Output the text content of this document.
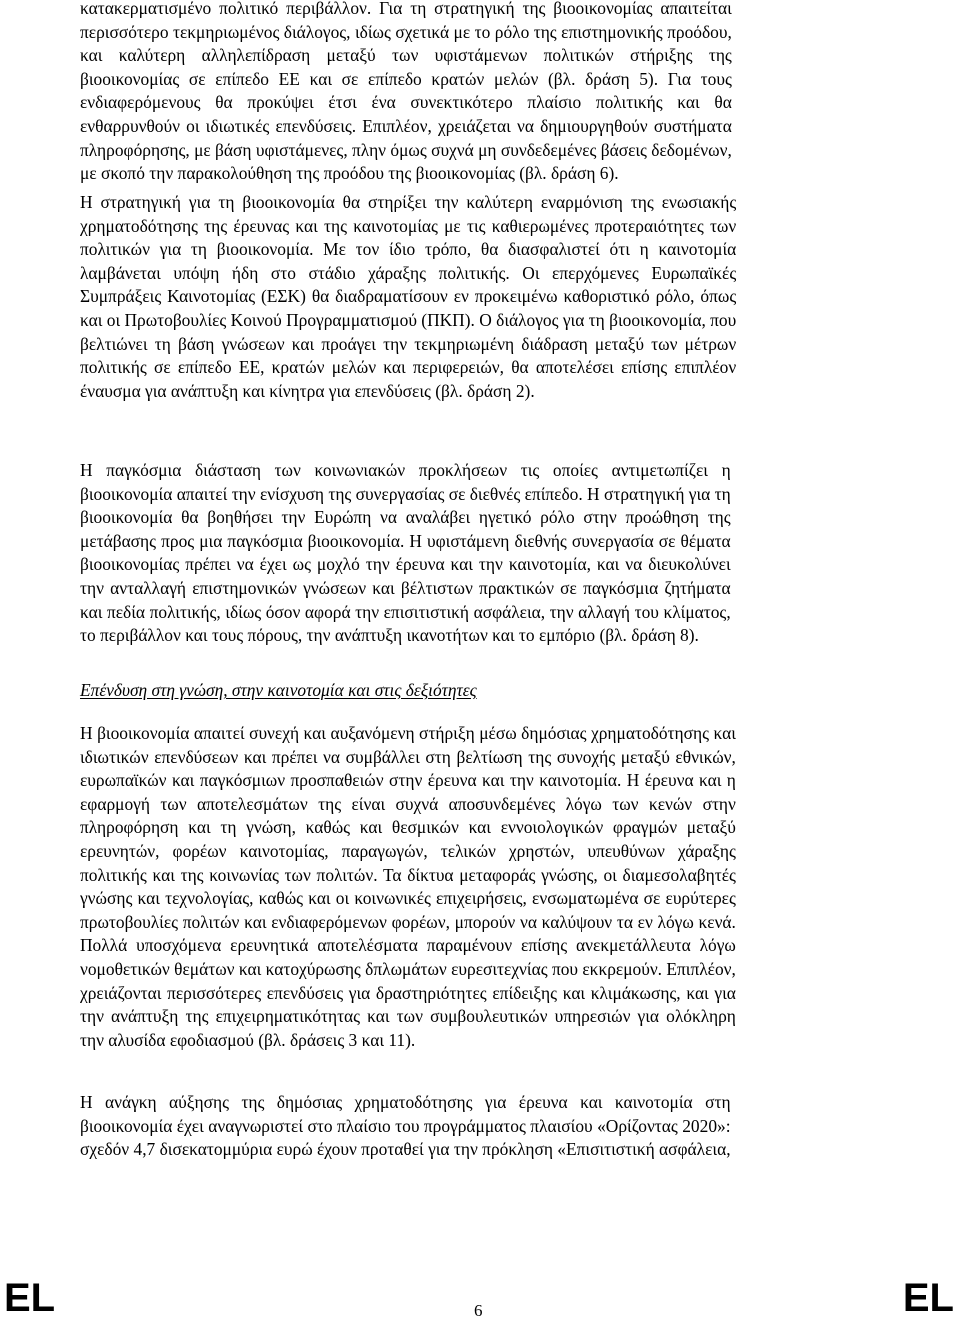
κατακερματισμένο πολιτικό περιβάλλον. Για τη στρατηγική της βιοοικονομίας απαιτείται
περισσότερο τεκμηριωμένος διάλογος, ιδίως σχετικά με το ρόλο της επιστημονικής προόδου,
και καλύτερη αλληλεπίδραση μεταξύ των υφιστάμενων πολιτικών στήριξης της
βιοοικονομίας σε επίπεδο ΕΕ και σε επίπεδο κρατών μελών (βλ. δράση 5). Για τους
ενδιαφερόμενους θα προκύψει έτσι ένα συνεκτικότερο πλαίσιο πολιτικής και θα
ενθαρρυνθούν οι ιδιωτικές επενδύσεις. Επιπλέον, χρειάζεται να δημιουργηθούν συστήματα
πληροφόρησης, με βάση υφιστάμενες, πλην όμως συχνά μη συνδεδεμένες βάσεις δεδομένων,
με σκοπό την παρακολούθηση της προόδου της βιοοικονομίας (βλ. δράση 6).
Η στρατηγική για τη βιοοικονομία θα στηρίξει την καλύτερη εναρμόνιση της ενωσιακής
χρηματοδότησης της έρευνας και της καινοτομίας με τις καθιερωμένες προτεραιότητες των
πολιτικών για τη βιοοικονομία. Με τον ίδιο τρόπο, θα διασφαλιστεί ότι η καινοτομία
λαμβάνεται υπόψη ήδη στο στάδιο χάραξης πολιτικής. Οι επερχόμενες Ευρωπαϊκές
Συμπράξεις Καινοτομίας (ΕΣΚ) θα διαδραματίσουν εν προκειμένω καθοριστικό ρόλο, όπως
και οι Πρωτοβουλίες Κοινού Προγραμματισμού (ΠΚΠ). Ο διάλογος για τη βιοοικονομία, που
βελτιώνει τη βάση γνώσεων και προάγει την τεκμηριωμένη διάδραση μεταξύ των μέτρων
πολιτικής σε επίπεδο ΕΕ, κρατών μελών και περιφερειών, θα αποτελέσει επίσης επιπλέον
έναυσμα για ανάπτυξη και κίνητρα για επενδύσεις (βλ. δράση 2).
Η παγκόσμια διάσταση των κοινωνιακών προκλήσεων τις οποίες αντιμετωπίζει η
βιοοικονομία απαιτεί την ενίσχυση της συνεργασίας σε διεθνές επίπεδο. Η στρατηγική για τη
βιοοικονομία θα βοηθήσει την Ευρώπη να αναλάβει ηγετικό ρόλο στην προώθηση της
μετάβασης προς μια παγκόσμια βιοοικονομία. Η υφιστάμενη διεθνής συνεργασία σε θέματα
βιοοικονομίας πρέπει να έχει ως μοχλό την έρευνα και την καινοτομία, και να διευκολύνει
την ανταλλαγή επιστημονικών γνώσεων και βέλτιστων πρακτικών σε παγκόσμια ζητήματα
και πεδία πολιτικής, ιδίως όσον αφορά την επισιτιστική ασφάλεια, την αλλαγή του κλίματος,
το περιβάλλον και τους πόρους, την ανάπτυξη ικανοτήτων και το εμπόριο (βλ. δράση 8).
Επένδυση στη γνώση, στην καινοτομία και στις δεξιότητες
Η βιοοικονομία απαιτεί συνεχή και αυξανόμενη στήριξη μέσω δημόσιας χρηματοδότησης και
ιδιωτικών επενδύσεων και πρέπει να συμβάλλει στη βελτίωση της συνοχής μεταξύ εθνικών,
ευρωπαϊκών και παγκόσμιων προσπαθειών στην έρευνα και την καινοτομία. Η έρευνα και η
εφαρμογή των αποτελεσμάτων της είναι συχνά αποσυνδεμένες λόγω των κενών στην
πληροφόρηση και τη γνώση, καθώς και θεσμικών και εννοιολογικών φραγμών μεταξύ
ερευνητών, φορέων καινοτομίας, παραγωγών, τελικών χρηστών, υπευθύνων χάραξης
πολιτικής και της κοινωνίας των πολιτών. Τα δίκτυα μεταφοράς γνώσης, οι διαμεσολαβητές
γνώσης και τεχνολογίας, καθώς και οι κοινωνικές επιχειρήσεις, ενσωματωμένα σε ευρύτερες
πρωτοβουλίες πολιτών και ενδιαφερόμενων φορέων, μπορούν να καλύψουν τα εν λόγω κενά.
Πολλά υποσχόμενα ερευνητικά αποτελέσματα παραμένουν επίσης ανεκμετάλλευτα λόγω
νομοθετικών θεμάτων και κατοχύρωσης δπλωμάτων ευρεσιτεχνίας που εκκρεμούν. Επιπλέον,
χρειάζονται περισσότερες επενδύσεις για δραστηριότητες επίδειξης και κλιμάκωσης, και για
την ανάπτυξη της επιχειρηματικότητας και των συμβουλευτικών υπηρεσιών για ολόκληρη
την αλυσίδα εφοδιασμού (βλ. δράσεις 3 και 11).
Η ανάγκη αύξησης της δημόσιας χρηματοδότησης για έρευνα και καινοτομία στη
βιοοικονομία έχει αναγνωριστεί στο πλαίσιο του προγράμματος πλαισίου «Ορίζοντας 2020»:
σχεδόν 4,7 δισεκατομμύρια ευρώ έχουν προταθεί για την πρόκληση «Επισιτιστική ασφάλεια,
EL	6	EL
